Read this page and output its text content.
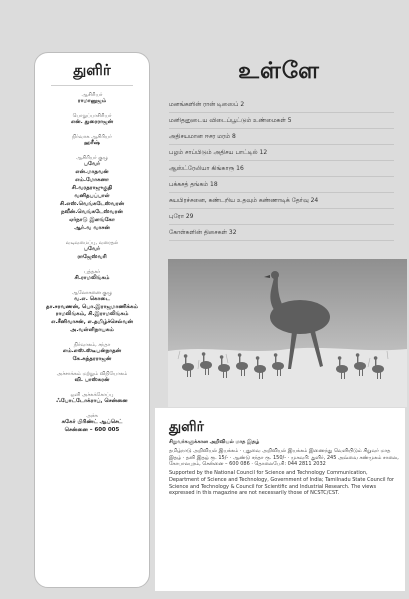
துளிர்
ஆசிரியர்
ராமானுஜம்
பொறுப்பாசிரியர்
என். துரைராஜன்
நிர்வாக ஆசிரியர்
ஹரீஷ்
ஆசிரியர் குழு
பவேர்
என்.மாதவன்
எம்.மோகனா
சி.வரதராஜுகுதி
வனிதபப்பாள்
சி.எஸ்.வெங்கடேஸ்வரன்
நவீன்.வெங்கடேஸ்வரன்
ஏர்நாடு இளங்கோ
ஆர்.வ வாசன்
வடிவமைப்பு, வரைதல்
பவேர்
ராஜேஸ்வரி
புத்தகர்
சி.ராமலிங்கம்
ஆலோசனை குழு
வ.எ. கொடை
தா.சரவணன், பொ.இராஜமாணிக்கம்
ராமலிங்கம், சி.இராமலிங்கம்
எ.சீனிவாசன், எ.தமிழ்ச்செல்வன்
அ.வள்ளிநாயகம்
நிர்வாகம், சந்தா
எம்.எஸ்.ஸ்டீபன்நாதன்
கே.சுந்தரராஜன்
அச்சாக்கம் மற்றும் விநியோகம்
வி. பாஸ்கரன்
ஒளி அச்சுக்கோப்பு
ஃபோட்டோக்ராப், சென்னை
அச்சு
சுகேர் பிரிண்ட் ஆப்செட்
சென்னை – 600 005
உள்ளே
மனங்களின் ரான் டிஸைப் 2
மனிதனுடைய விடைப்பூட்டும் உண்மைகள் 5
அதிசயமான ஈசர மரம் 8
பழம் சாப்பிடும் அதிசய பாட்டில் 12
ஆஸ்ட்ரேலியா கிங்காரூ 16
பக்கசத் தங்கம் 18
சுயபிரச்சனை, கண்டறிய உதவும் கண்ணாடிக் தேர்வு 24
புரோ 29
கோள்களின் திசைகள் 32
துளிர்
சிறுவர்களுக்கான அறிவியல் மாத இதழ்
தமிழ்நாடு அறிவியல் இயக்கம் · புதுவை அறிவியல் இயக்கம் இணைந்து வெளியிடும் சிறுவர் மாத இதழ் · தனி இதழ் ரூ. 15/- · ஆண்டு சந்தா ரூ. 150/- · முகவரி: துளிர், 245 அவ்வை சண்முகம் சாலை, கோபாலபுரம், சென்னை – 600 086 · தொலைபேசி: 044 2811 2032
Supported by the National Council for Science and Technology Communication, Department of Science and Technology, Government of India; Tamilnadu State Council for Science and Technology & Council for Scientific and Industrial Research. The views expressed in this magazine are not necessarily those of NCSTC/CST.
